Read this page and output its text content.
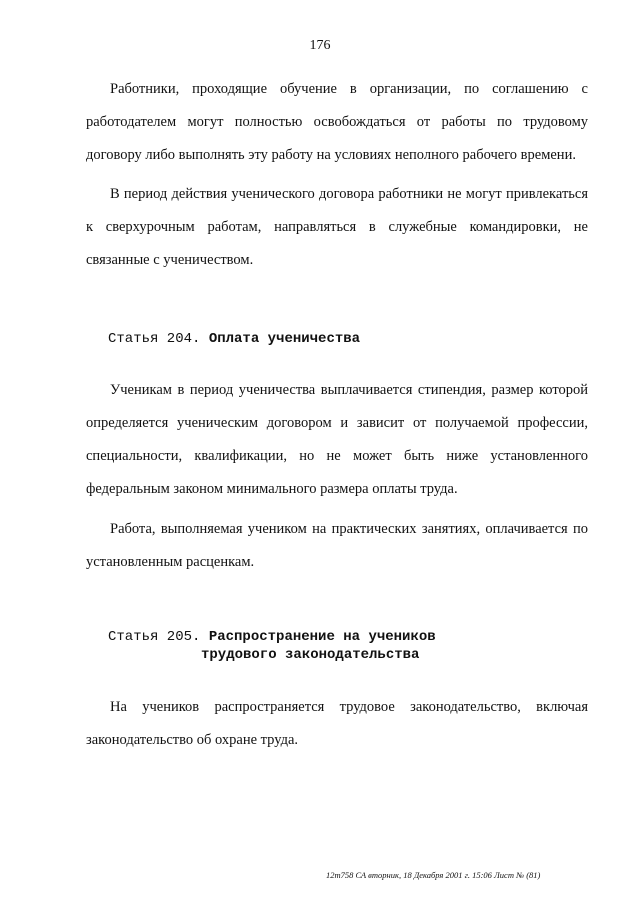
176

Работники, проходящие обучение в организации, по соглашению с работодателем могут полностью освобождаться от работы по трудовому договору либо выполнять эту работу на условиях неполного рабочего времени.

В период действия ученического договора работники не могут привлекаться к сверхурочным работам, направляться в служебные командировки, не связанные с ученичеством.

Статья 204. Оплата ученичества

Ученикам в период ученичества выплачивается стипендия, размер которой определяется ученическим договором и зависит от получаемой профессии, специальности, квалификации, но не может быть ниже установленного федеральным законом минимального размера оплаты труда.

Работа, выполняемая учеником на практических занятиях, оплачивается по установленным расценкам.

Статья 205. Распространение на учеников
трудового законодательства

На учеников распространяется трудовое законодательство, включая законодательство об охране труда.

12m758 СА вторник, 18 Декабря 2001 г. 15:06 Лист № (81)
